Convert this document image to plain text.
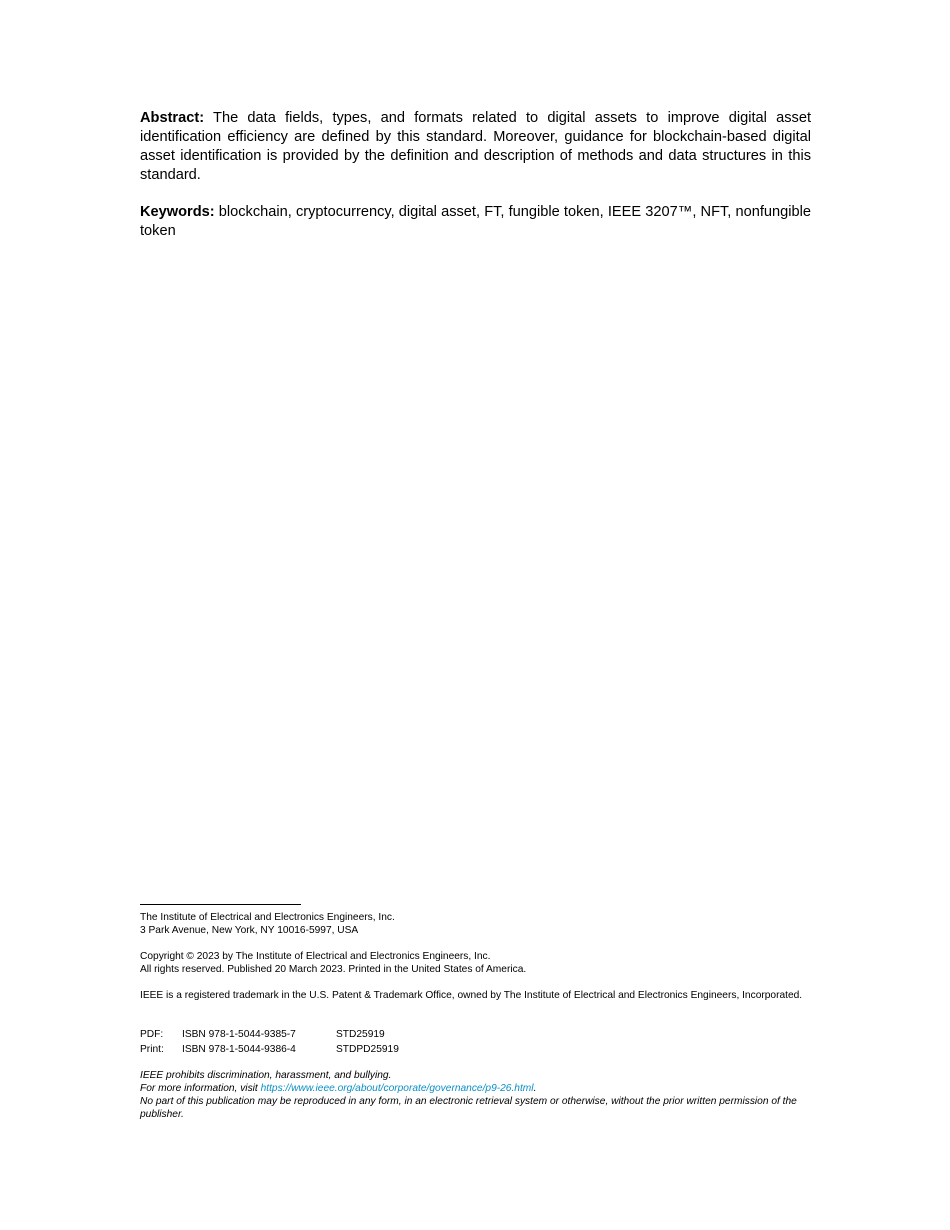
Abstract: The data fields, types, and formats related to digital assets to improve digital asset identification efficiency are defined by this standard. Moreover, guidance for blockchain-based digital asset identification is provided by the definition and description of methods and data structures in this standard.

Keywords: blockchain, cryptocurrency, digital asset, FT, fungible token, IEEE 3207™, NFT, nonfungible token

The Institute of Electrical and Electronics Engineers, Inc.
3 Park Avenue, New York, NY 10016-5997, USA
Copyright © 2023 by The Institute of Electrical and Electronics Engineers, Inc.
All rights reserved. Published 20 March 2023. Printed in the United States of America.
IEEE is a registered trademark in the U.S. Patent & Trademark Office, owned by The Institute of Electrical and Electronics Engineers, Incorporated.
PDF:	ISBN 978-1-5044-9385-7	STD25919
Print:	ISBN 978-1-5044-9386-4	STDPD25919
IEEE prohibits discrimination, harassment, and bullying.
For more information, visit https://www.ieee.org/about/corporate/governance/p9-26.html.
No part of this publication may be reproduced in any form, in an electronic retrieval system or otherwise, without the prior written permission of the publisher.
